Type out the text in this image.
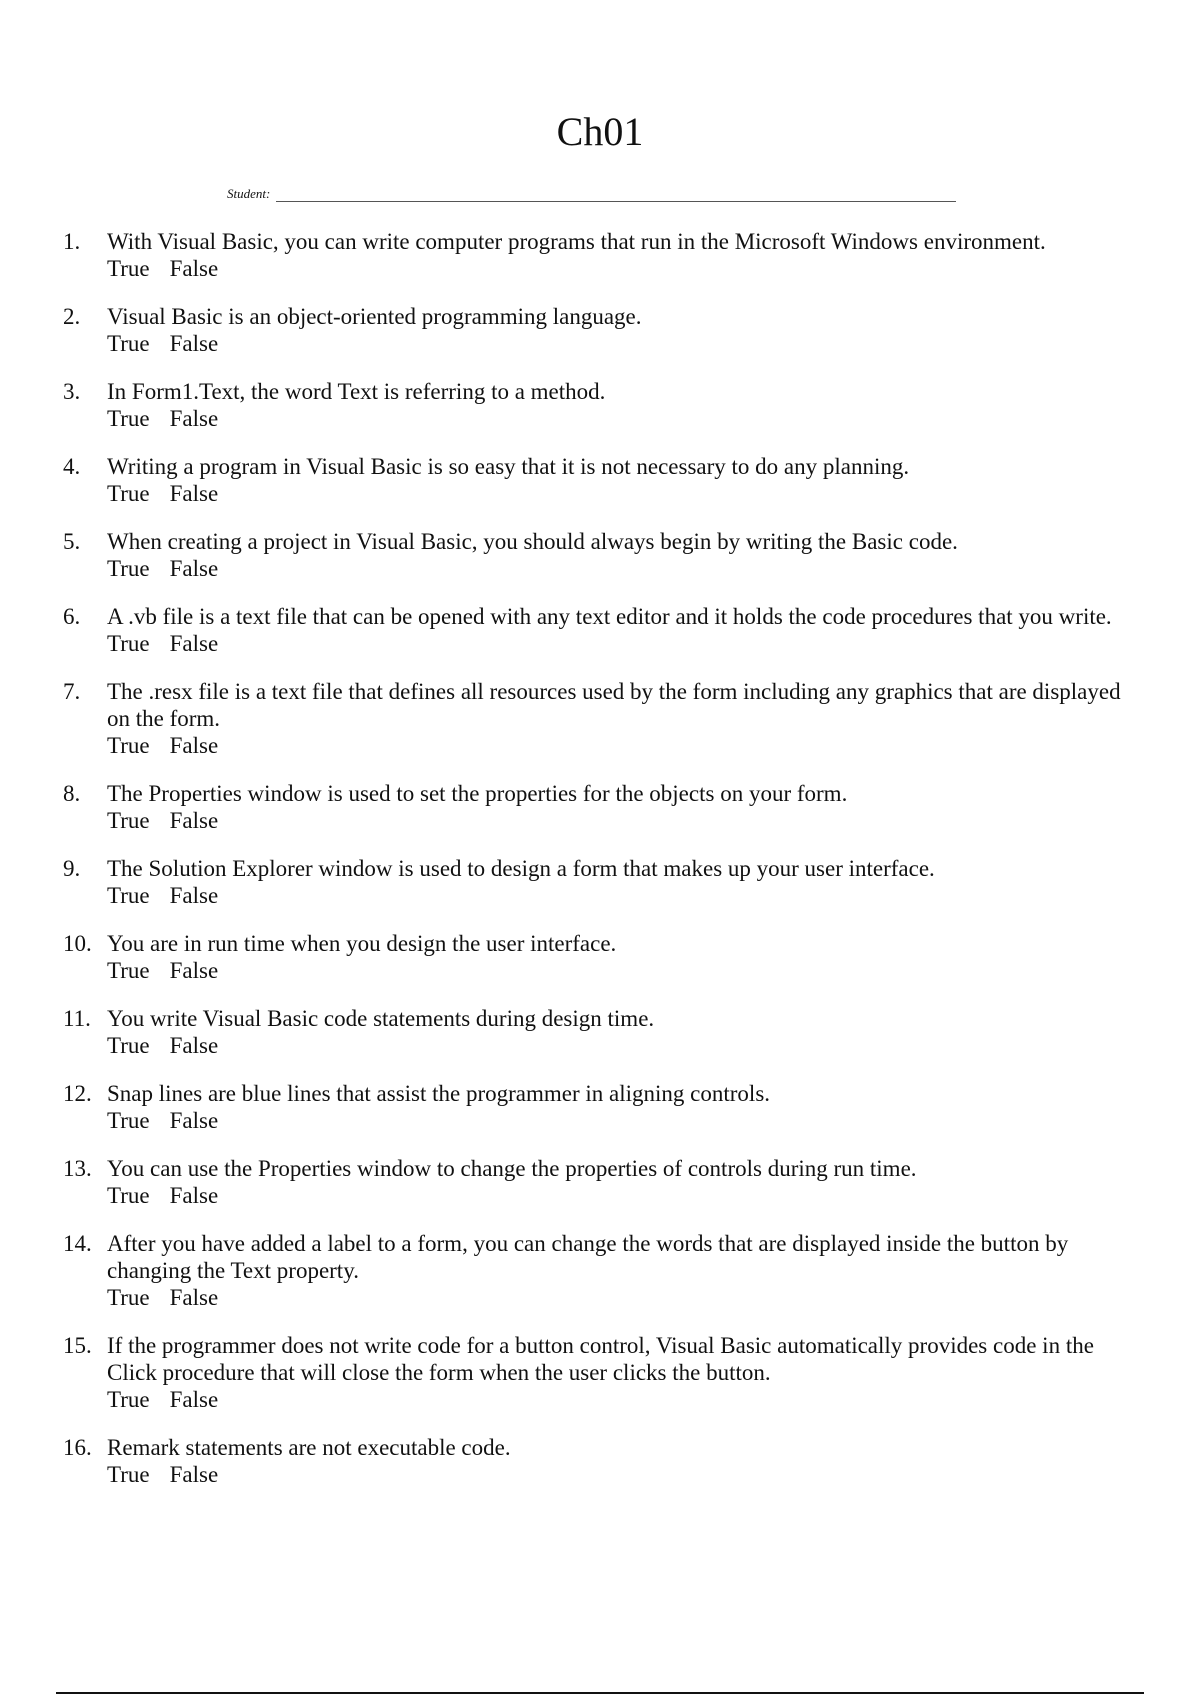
Ch01
Student:
1. With Visual Basic, you can write computer programs that run in the Microsoft Windows environment.
True False
2. Visual Basic is an object-oriented programming language.
True False
3. In Form1.Text, the word Text is referring to a method.
True False
4. Writing a program in Visual Basic is so easy that it is not necessary to do any planning.
True False
5. When creating a project in Visual Basic, you should always begin by writing the Basic code.
True False
6. A .vb file is a text file that can be opened with any text editor and it holds the code procedures that you write.
True False
7. The .resx file is a text file that defines all resources used by the form including any graphics that are displayed on the form.
True False
8. The Properties window is used to set the properties for the objects on your form.
True False
9. The Solution Explorer window is used to design a form that makes up your user interface.
True False
10. You are in run time when you design the user interface.
True False
11. You write Visual Basic code statements during design time.
True False
12. Snap lines are blue lines that assist the programmer in aligning controls.
True False
13. You can use the Properties window to change the properties of controls during run time.
True False
14. After you have added a label to a form, you can change the words that are displayed inside the button by changing the Text property.
True False
15. If the programmer does not write code for a button control, Visual Basic automatically provides code in the Click procedure that will close the form when the user clicks the button.
True False
16. Remark statements are not executable code.
True False
